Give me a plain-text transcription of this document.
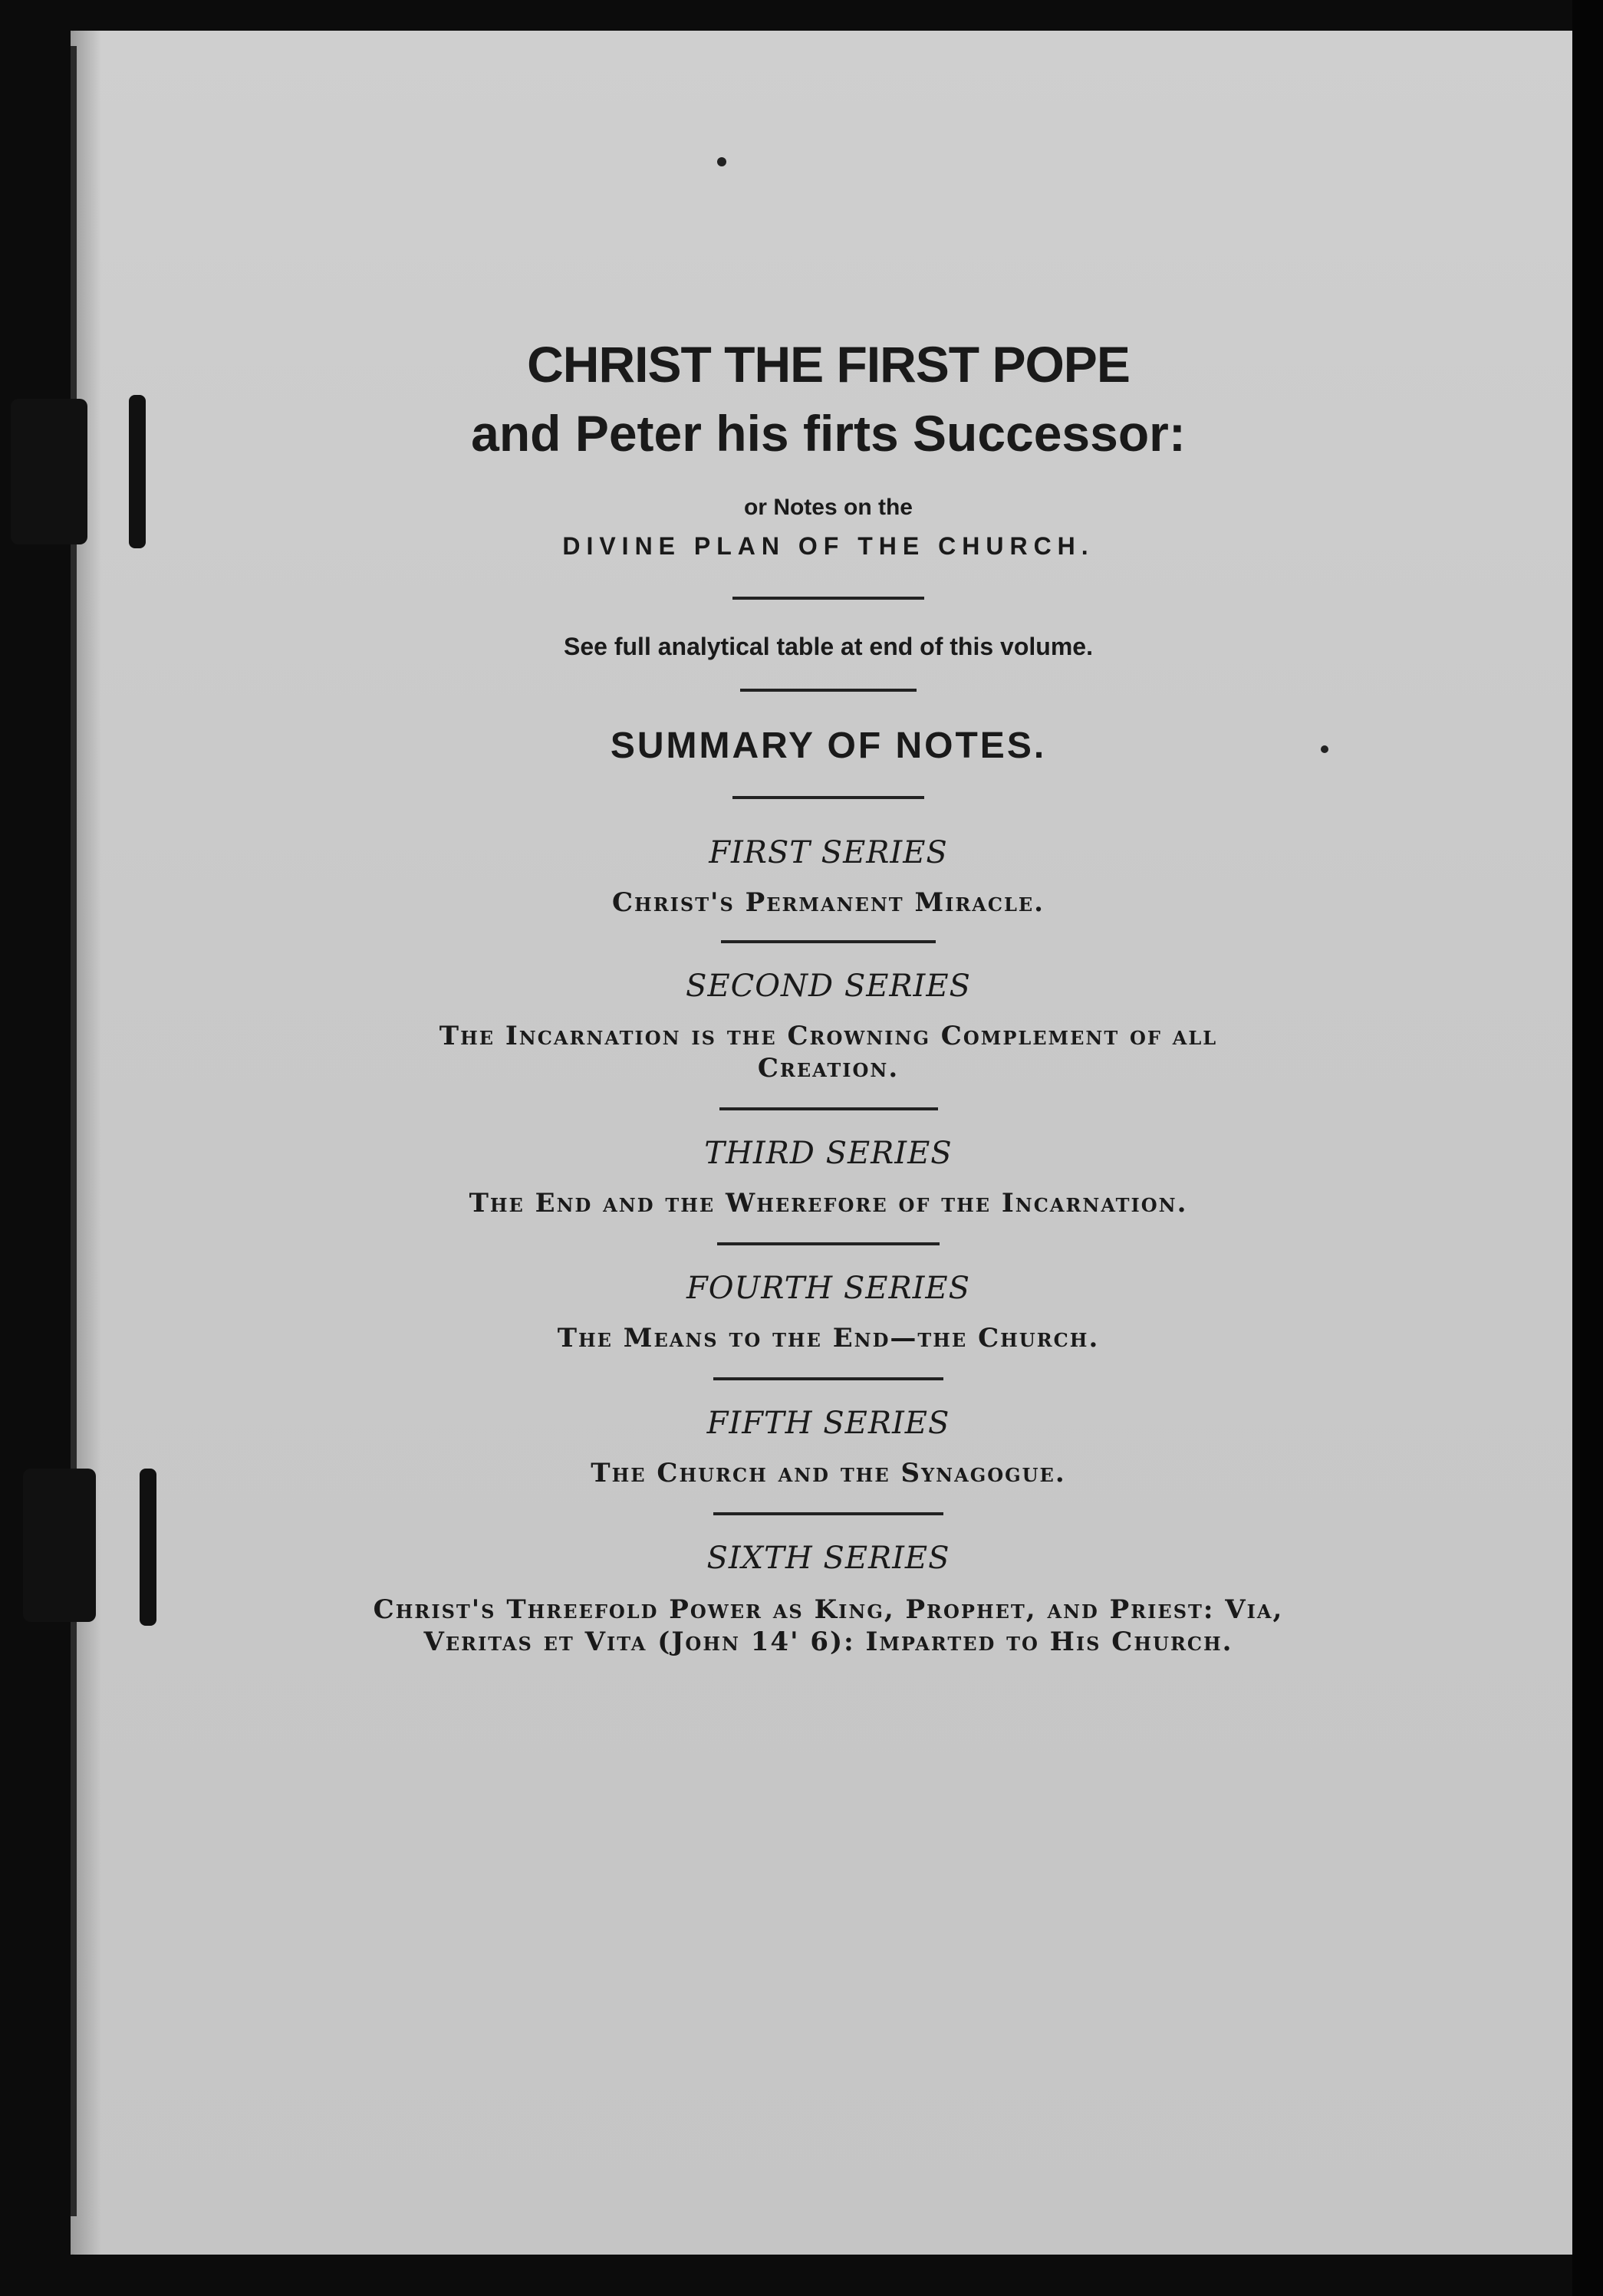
CHRIST THE FIRST POPE
and Peter his firts Successor:
or Notes on the
DIVINE PLAN OF THE CHURCH.
See full analytical table at end of this volume.
SUMMARY OF NOTES.
FIRST SERIES
Christ's Permanent Miracle.
SECOND SERIES
The Incarnation is the Crowning Complement of all Creation.
THIRD SERIES
The End and the Wherefore of the Incarnation.
FOURTH SERIES
The Means to the End—the Church.
FIFTH SERIES
The Church and the Synagogue.
SIXTH SERIES
Christ's Threefold Power as King, Prophet, and Priest: Via, Veritas et Vita (John 14' 6): Imparted to His Church.
